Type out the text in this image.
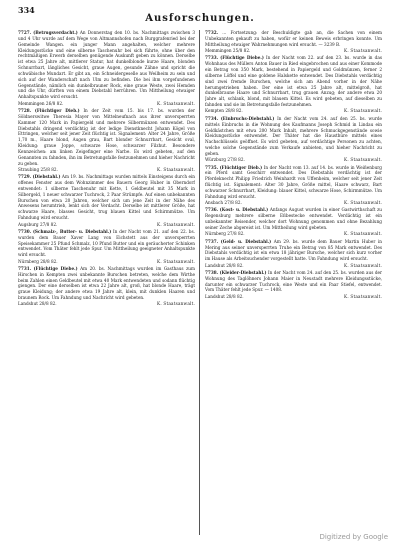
334
Ausforschungen.

7727. (Betrugsverdacht.) An Donnerstag den 10. bs. Nachmittags zwischen 3 und 4 Uhr wurde auf dem Wege von Altmannshofen nach Burggrafenried bei der Gemeinde Wangen. ein junger Mann angehalten, welcher mehrere Kleidungsstücke und eine silberne Taschenuhr bei sich führte, ohne über den rechtmäßigen Erwerb derselben genügende Auskunft geben zu können. Derselbe ist etwa 25 Jahre alt, mittlerer Statur, hat dunkelblonde kurze Haare, blonden Schnurrbart, längliches Gesicht, graue Augen, gesunde Zähne und spricht die schwäbische Mundart. Er gibt an, ein Schneidergeselle aus Weilheim zu sein und sich auf der Wanderschaft nach Ulm zu befinden. Die bei ihm vorgefundenen Gegenstände, nämlich ein dunkelbrauner Rock, eine graue Weste, zwei Hemden und die Uhr, dürften von einem Diebstahl herrühren. Um Mittheilung etwaiger Anhaltspunkte wird ersucht.
Memmingen 26/8 82.	K. Staatsanwalt.

7728. (Flüchtiger Dieb.) In der Zeit vom 15. bis 17. bs. wurden der Söldnerswitwe Theresia Mayer von Mittelneufnach aus ihrer unversperrten Kammer 120 Mark in Papiergeld und mehrere Silbermünzen entwendet. Des Diebstahls dringend verdächtig ist der ledige Dienstknecht Johann Kögel von Ettringen, welcher seit jener Zeit flüchtig ist. Signalement: Alter 24 Jahre, Größe 1,70 m., Haare blond, Augen grau, Bart blonder Schnurrbart, Gesicht oval, Kleidung: graue Joppe, schwarze Hose, schwarzer Filzhut. Besondere Kennzeichen: am linken Zeigefinger eine Narbe. Es wird gebeten, auf den Genannten zu fahnden, ihn im Betretungsfalle festzunehmen und hieher Nachricht zu geben.
Straubing 25/8 82.	K. Staatsanwalt.

7729. (Diebstahl.) Am 19. bs. Nachmittags wurden mittels Einsteigens durch ein offenes Fenster aus dem Wohnzimmer des Bauern Georg Huber in Oberndorf entwendet: 1 silberne Taschenuhr mit Kette, 1 Geldbeutel mit 35 Mark in Silbergeld, 1 neuer schwarzer Tuchrock, 2 Paar Strümpfe. Auf einen unbekannten Burschen von etwa 20 Jahren, welcher sich um jene Zeit in der Nähe des Anwesens herumtrieb, lenkt sich der Verdacht. Derselbe ist mittlerer Größe, hat schwarze Haare, blasses Gesicht, trug blauen Kittel und Schirmmütze. Um Fahndung wird ersucht.
Augsburg 27/8 82.	K. Staatsanwalt.

7730. (Schmalz-, Butter- u. Diebstahl.) In der Nacht vom 21. auf den 22. bs. wurden dem Bauer Xaver Lang von Eichstett aus der unversperrten Speisekammer 25 Pfund Schmalz, 10 Pfund Butter und ein geräucherter Schinken entwendet. Vom Thäter fehlt jede Spur. Um Mittheilung geeigneter Anhaltspunkte wird ersucht.
Nürnberg 28/8 82.	K. Staatsanwalt.

7731. (Flüchtige Diebe.) Am 20. bs. Nachmittags wurden im Gasthaus zum Hirschen in Kempten zwei unbekannte Burschen betreten, welche dem Wirthe beim Zahlen einen Geldbeutel mit etwa 40 Mark entwendeten und sodann flüchtig giengen. Der eine derselben ist etwa 22 Jahre alt, groß, hat blonde Haare, trägt graue Kleidung; der andere etwa 19 Jahre alt, klein, mit dunklen Haaren und braunem Rock. Um Fahndung und Nachricht wird gebeten.
Landshut 28/8 82.	K. Staatsanwalt.

7732. … Fortsetzung: der Beschuldigte gab an, die Sachen von einem Unbekannten gekauft zu haben, wofür er keinen Beweis erbringen konnte. Um Mittheilung etwaiger Wahrnehmungen wird ersucht. — 3239 B.
Memmingen 25/8 82.	K. Staatsanwalt.

7733. (Flüchtige Diebe.) In der Nacht vom 22. auf den 23. bs. wurde in das Wohnhaus des Müllers Anton Bauer in Ried eingebrochen und aus einer Kommode ein Betrag von 350 Mark, bestehend in Papiergeld und Goldmünzen, ferner 2 silberne Löffel und eine goldene Halskette entwendet. Des Diebstahls verdächtig sind zwei fremde Burschen, welche sich am Abend vorher in der Nähe herumgetrieben haben. Der eine ist etwa 25 Jahre alt, mittelgroß, hat dunkelbraune Haare und Schnurrbart, trug grauen Anzug; der andere etwa 20 Jahre alt, schlank, blond, mit blauem Kittel. Es wird gebeten, auf dieselben zu fahnden und sie im Betretungsfalle festzunehmen.
Kempten 28/8 82.	K. Staatsanwalt.

7734. (Einbruchs-Diebstahl.) In der Nacht vom 24. auf den 25. bs. wurde mittels Einbruchs in die Wohnung des Kaufmanns Joseph Schmid in Lindau ein Geldkästchen mit etwa 200 Mark Inhalt, mehrere Schmuckgegenstände sowie Kleidungsstücke entwendet. Der Thäter hat die Hausthüre mittels eines Nachschlüssels geöffnet. Es wird gebeten, auf verdächtige Personen zu achten, welche solche Gegenstände zum Verkaufe anbieten, und hieher Nachricht zu geben.
Würzburg 27/8 82.	K. Staatsanwalt.

7735. (Flüchtiger Dieb.) In der Nacht vom 13. auf 14. bs. wurde in Weißenburg ein Pferd samt Geschirr entwendet. Des Diebstahls verdächtig ist der Pferdeknecht Philipp Friedrich Weinhardt von Uffenheim, welcher seit jener Zeit flüchtig ist. Signalement: Alter 30 Jahre, Größe mittel, Haare schwarz, Bart schwarzer Schnurrbart, Kleidung: blauer Kittel, schwarze Hose, Schirmmütze. Um Fahndung wird ersucht.
Ansbach 27/8 82.	K. Staatsanwalt.

7736. (Kost- u. Diebstahl.) Anfangs August wurden in einer Gastwirthschaft zu Regensburg mehrere silberne Eßbestecke entwendet. Verdächtig ist ein unbekannter Reisender, welcher dort Wohnung genommen und ohne Bezahlung seiner Zeche abgereist ist. Um Mittheilung wird gebeten.
Nürnberg 27/8 82.	K. Staatsanwalt.

7737. (Geld- u. Diebstahl.) Am 29. bs. wurde dem Bauer Martin Huber in Mering aus seiner unversperrten Truhe ein Betrag von 85 Mark entwendet. Des Diebstahls verdächtig ist ein etwa 18 jähriger Bursche, welcher sich kurz vorher im Hause als Arbeitsuchender vorgestellt hatte. Um Fahndung wird ersucht.
Landshut 28/8 82.	K. Staatsanwalt.

7738. (Kleider-Diebstahl.) In der Nacht vom 24. auf den 25. bs. wurden aus der Wohnung des Taglöhners Johann Maier in Neustadt mehrere Kleidungsstücke, darunter ein schwarzer Tuchrock, eine Weste und ein Paar Stiefel, entwendet. Vom Thäter fehlt jede Spur. — 1408.
Landshut 28/8 82.	K. Staatsanwalt.

Digitized by Google
